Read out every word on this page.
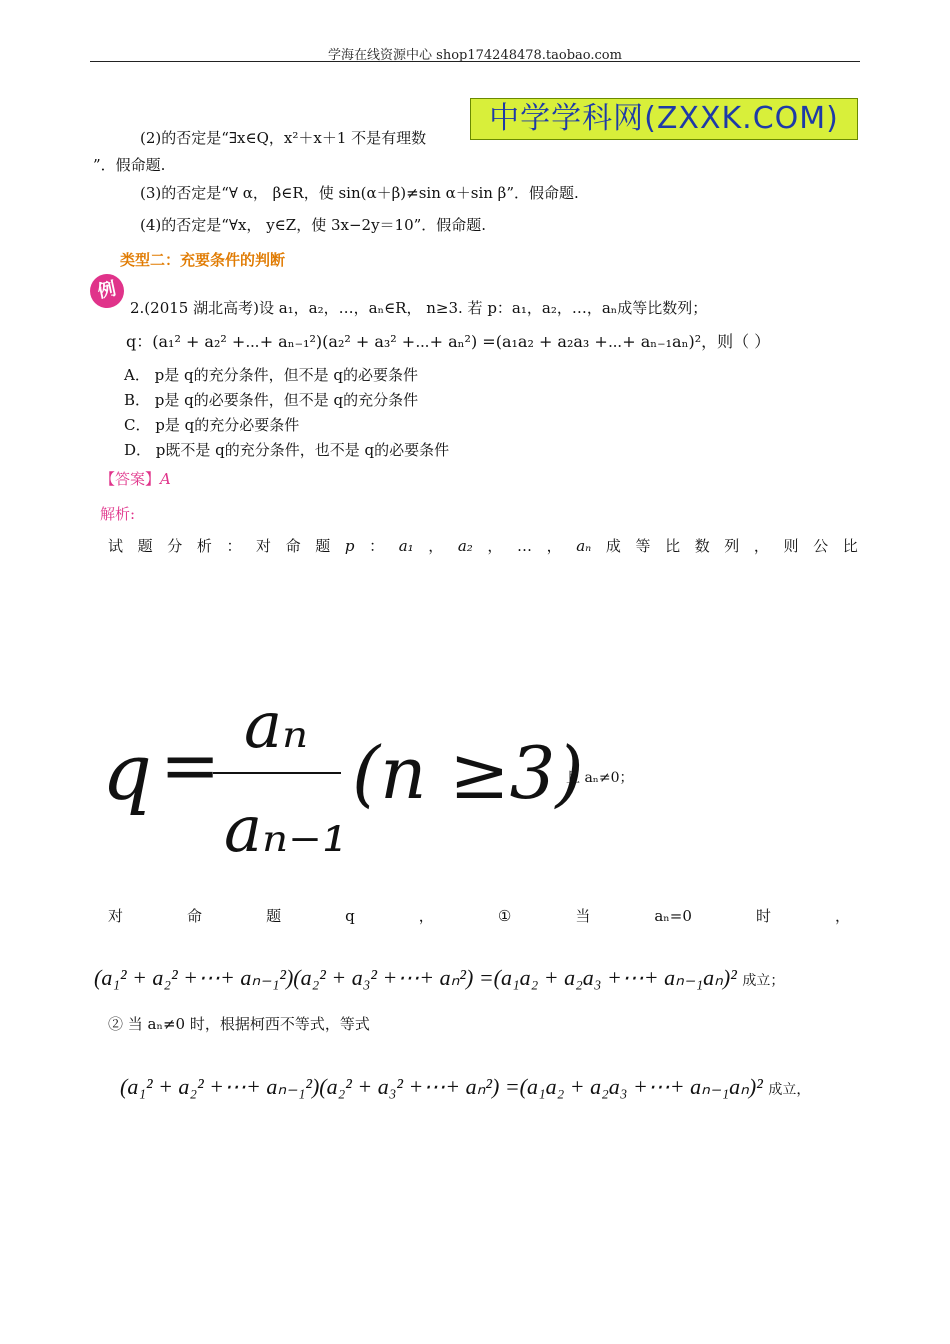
学海在线资源中心 shop174248478.taobao.com
(2)的否定是“∃x∈Q，x²＋x＋1 不是有理数
中学学科网(ZXXK.COM)
”．假命题.
(3)的否定是“∀ α， β∈R，使 sin(α＋β)≠sin α＋sin β”．假命题.
(4)的否定是“∀x， y∈Z，使 3x−2y＝10”．假命题.
类型二：充要条件的判断
例
2.(2015 湖北高考)设 a₁，a₂，…，aₙ∈R， n≥3. 若 p：a₁，a₂，…，aₙ成等比数列；
q：(a₁² + a₂² +⋯+ aₙ₋₁²)(a₂² + a₃² +⋯+ aₙ²) =(a₁a₂ + a₂a₃ +⋯+ aₙ₋₁aₙ)²，则（ ）
A． p是 q的充分条件，但不是 q的必要条件
B． p是 q的必要条件，但不是 q的充分条件
C． p是 q的充分必要条件
D． p既不是 q的充分条件，也不是 q的必要条件
【答案】A
解析:
试 题 分 析 ： 对 命 题 p ： a₁ ， a₂ ， … ， aₙ 成 等 比 数 列 ， 则 公 比
q = aₙ
aₙ₋₁
(n ≥3)
且 aₙ≠0；
对	命	题	q	，	①	当	aₙ=0	时	，
(a₁² + a₂² +⋯+ aₙ₋₁²)(a₂² + a₃² +⋯+ aₙ²) =(a₁a₂ + a₂a₃ +⋯+ aₙ₋₁aₙ)² 成立；
② 当 aₙ≠0 时，根据柯西不等式，等式
(a₁² + a₂² +⋯+ aₙ₋₁²)(a₂² + a₃² +⋯+ aₙ²) =(a₁a₂ + a₂a₃ +⋯+ aₙ₋₁aₙ)² 成立，
